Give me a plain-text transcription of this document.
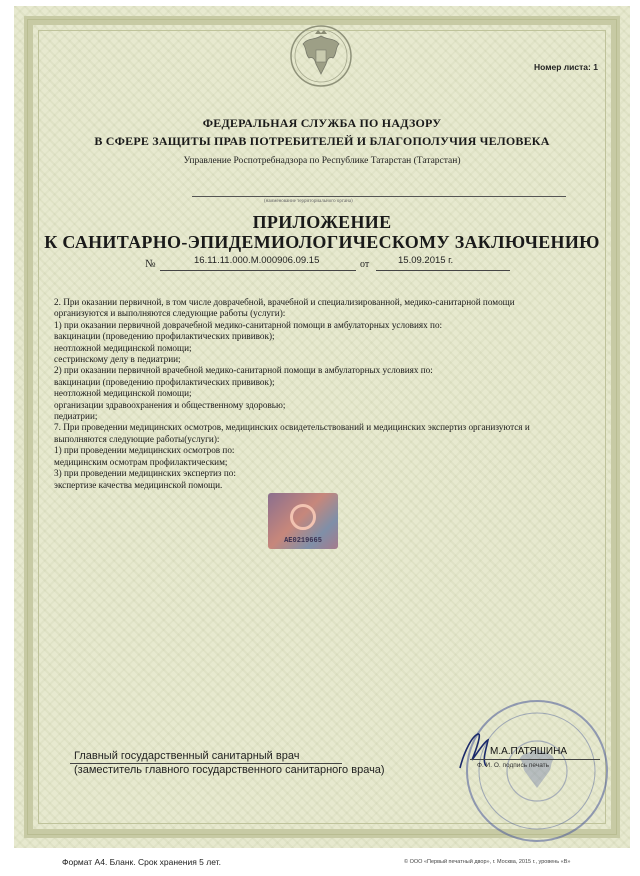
Номер листа: 1
ФЕДЕРАЛЬНАЯ СЛУЖБА ПО НАДЗОРУ
В СФЕРЕ ЗАЩИТЫ ПРАВ ПОТРЕБИТЕЛЕЙ И БЛАГОПОЛУЧИЯ ЧЕЛОВЕКА
Управление Роспотребнадзора по Республике Татарстан (Татарстан)
(наименование территориального органа)
ПРИЛОЖЕНИЕ
К САНИТАРНО-ЭПИДЕМИОЛОГИЧЕСКОМУ ЗАКЛЮЧЕНИЮ
№	16.11.11.000.М.000906.09.15	от	15.09.2015 г.
2. При оказании первичной, в том числе доврачебной, врачебной и специализированной, медико-санитарной помощи
организуются и выполняются следующие работы (услуги):
1) при оказании первичной доврачебной медико-санитарной помощи в амбулаторных условиях по:
вакцинации (проведению профилактических прививок);
неотложной медицинской помощи;
сестринскому делу в педиатрии;
2) при оказании первичной врачебной медико-санитарной помощи в амбулаторных условиях по:
вакцинации (проведению профилактических прививок);
неотложной медицинской помощи;
организации здравоохранения и общественному здоровью;
педиатрии;
7. При проведении медицинских осмотров, медицинских освидетельствований и медицинских экспертиз организуются и
выполняются следующие работы(услуги):
1) при проведении медицинских осмотров по:
медицинским осмотрам профилактическим;
3) при проведении медицинских экспертиз по:
экспертизе качества медицинской помощи.
AE0219665
Главный государственный санитарный врач
(заместитель главного государственного санитарного врача)
М.А.ПАТЯШИНА
Ф. И. О. подпись печать
Формат А4. Бланк. Срок хранения 5 лет.	© ООО «Первый печатный двор», г. Москва, 2015 г., уровень «В»
